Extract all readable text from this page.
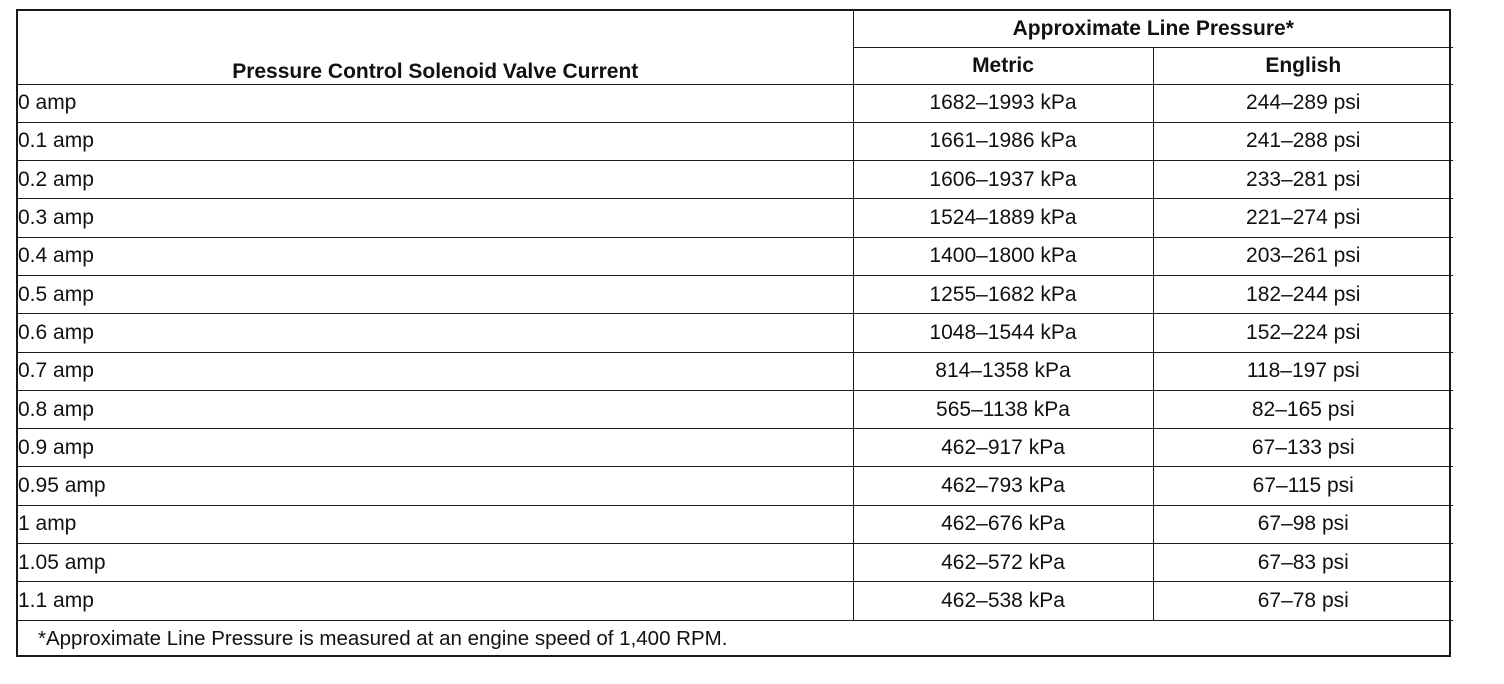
Pressure Control Solenoid Valve Current	Approximate Line Pressure*	
	Metric	English
0 amp	1682–1993 kPa	244–289 psi
0.1 amp	1661–1986 kPa	241–288 psi
0.2 amp	1606–1937 kPa	233–281 psi
0.3 amp	1524–1889 kPa	221–274 psi
0.4 amp	1400–1800 kPa	203–261 psi
0.5 amp	1255–1682 kPa	182–244 psi
0.6 amp	1048–1544 kPa	152–224 psi
0.7 amp	814–1358 kPa	118–197 psi
0.8 amp	565–1138 kPa	82–165 psi
0.9 amp	462–917 kPa	67–133 psi
0.95 amp	462–793 kPa	67–115 psi
1 amp	462–676 kPa	67–98 psi
1.05 amp	462–572 kPa	67–83 psi
1.1 amp	462–538 kPa	67–78 psi
*Approximate Line Pressure is measured at an engine speed of 1,400 RPM.		
